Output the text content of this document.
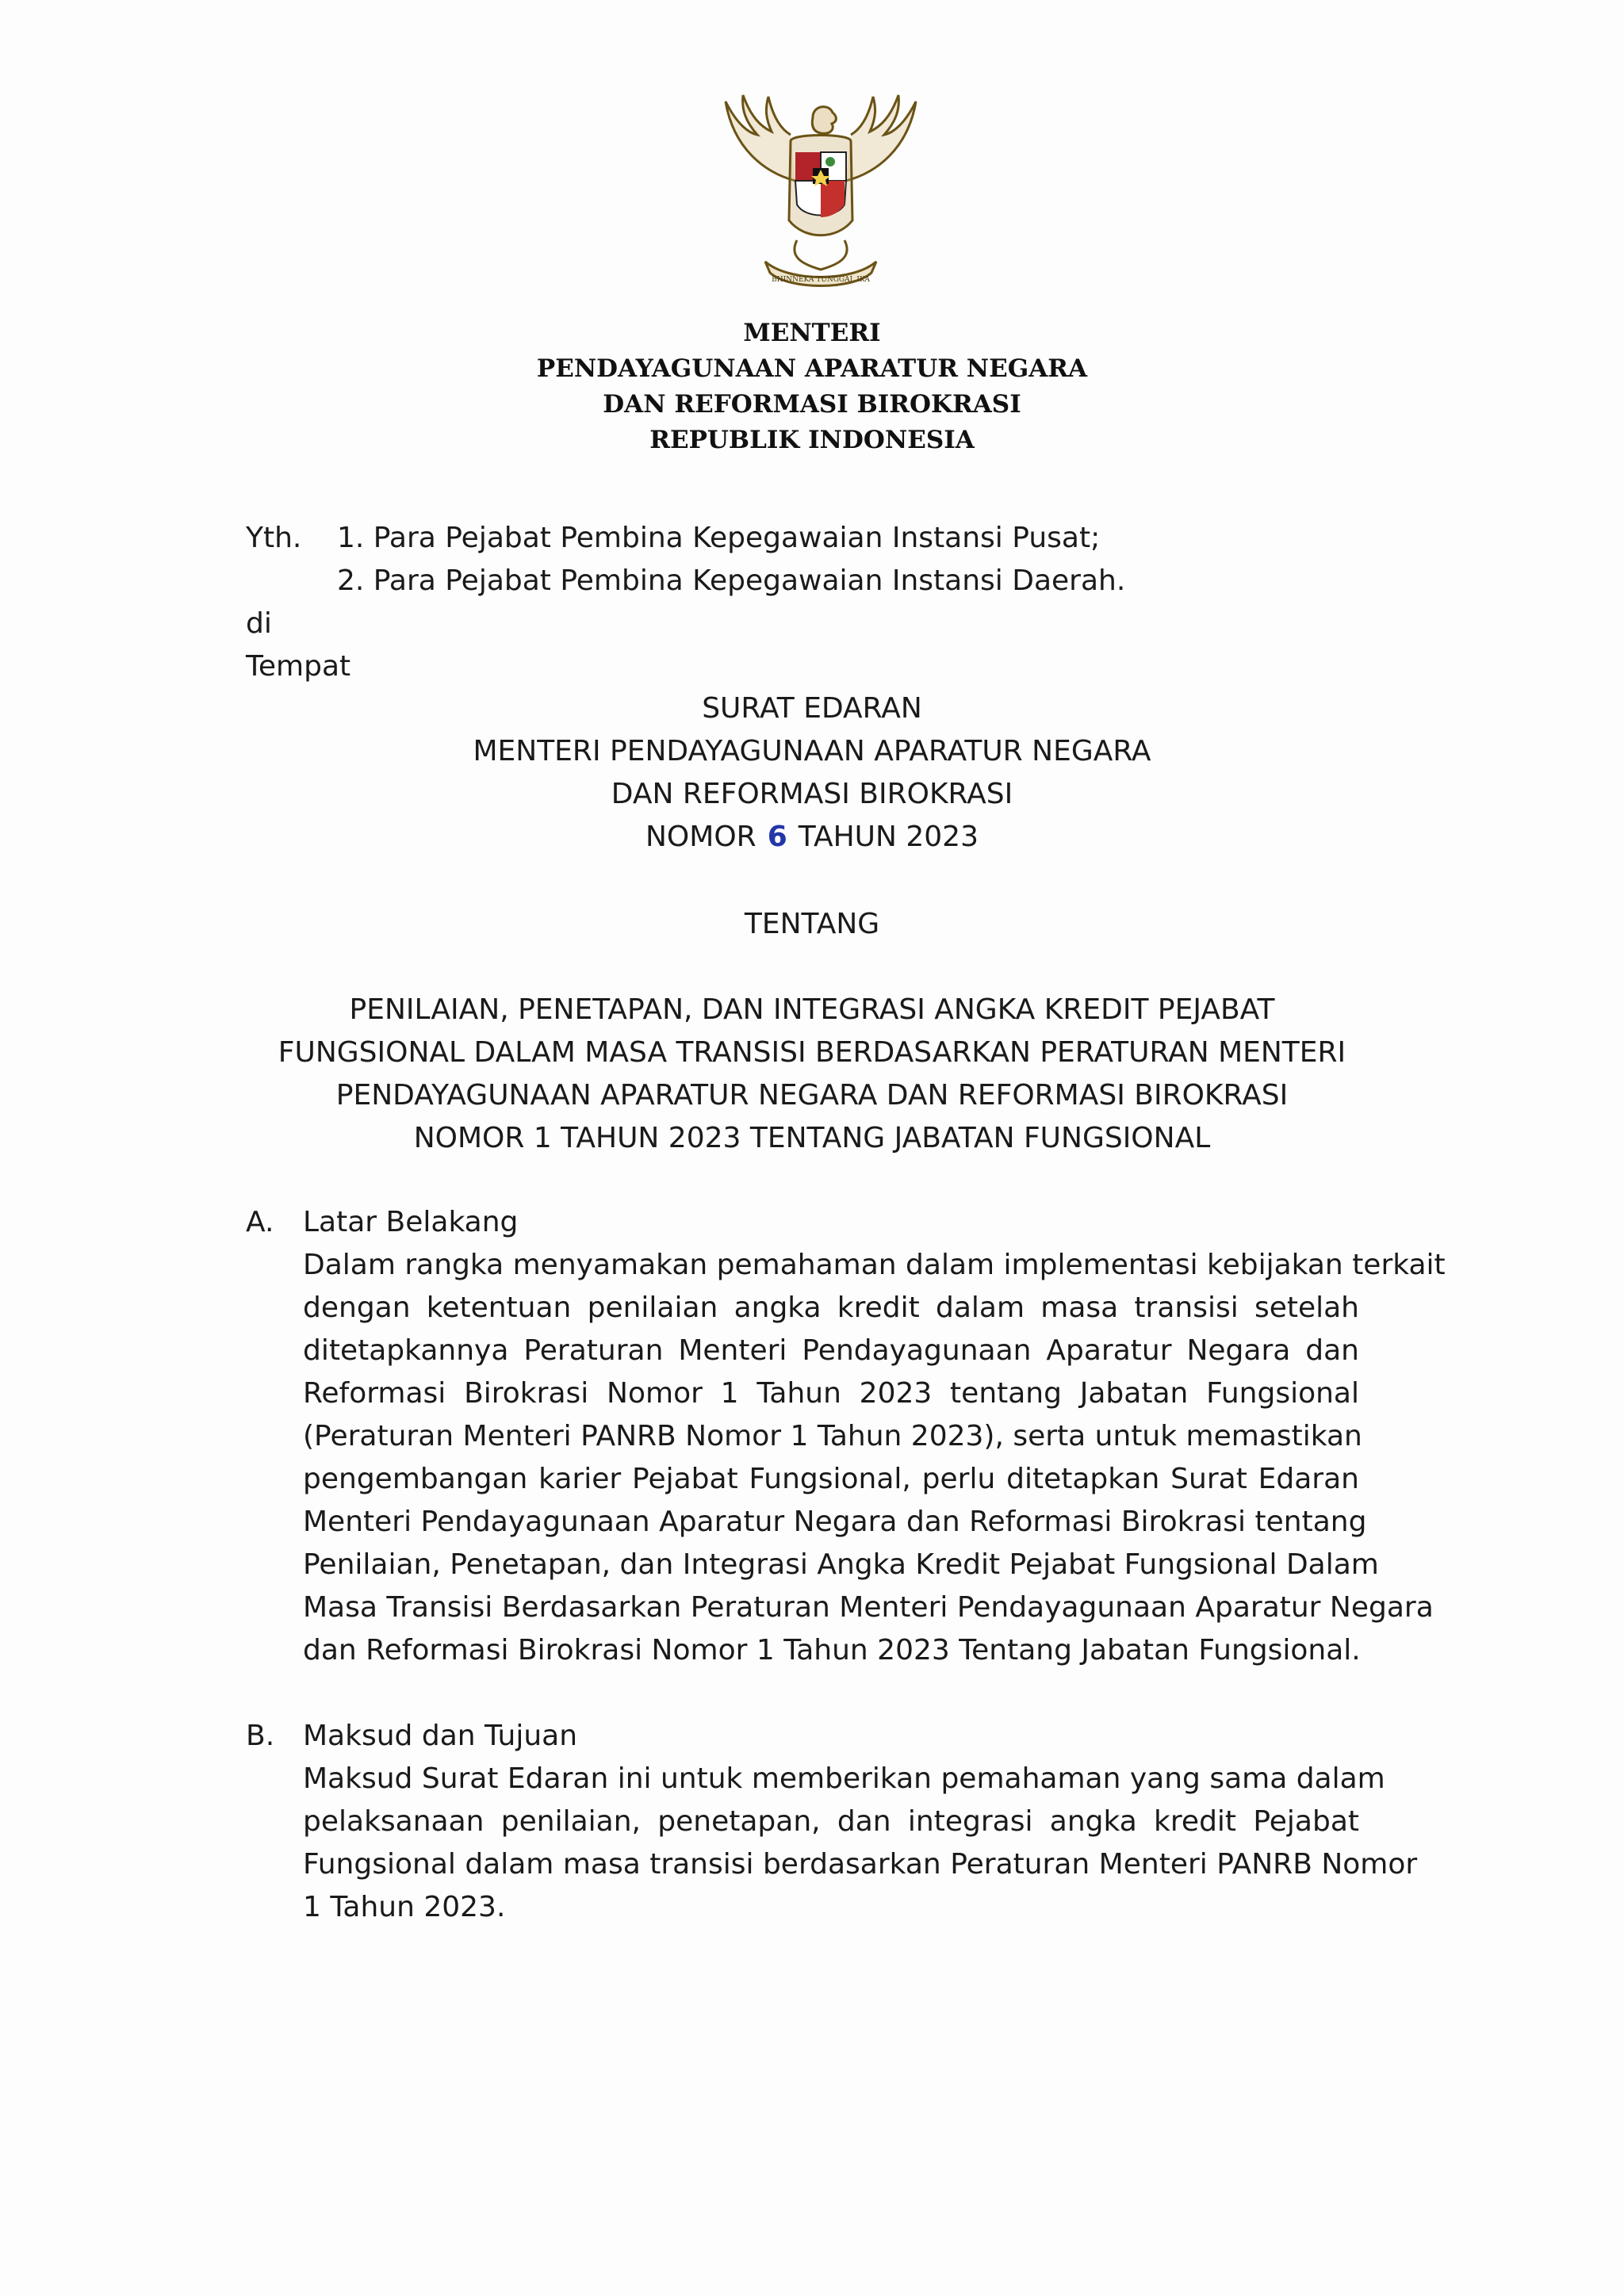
BHINNEKA TUNGGAL IKA
MENTERI
PENDAYAGUNAAN APARATUR NEGARA
DAN REFORMASI BIROKRASI
REPUBLIK INDONESIA
Yth.	1. Para Pejabat Pembina Kepegawaian Instansi Pusat;
2. Para Pejabat Pembina Kepegawaian Instansi Daerah.
di
Tempat
SURAT EDARAN
MENTERI PENDAYAGUNAAN APARATUR NEGARA
DAN REFORMASI BIROKRASI
NOMOR 6 TAHUN 2023
TENTANG
PENILAIAN, PENETAPAN, DAN INTEGRASI ANGKA KREDIT PEJABAT
FUNGSIONAL DALAM MASA TRANSISI BERDASARKAN PERATURAN MENTERI
PENDAYAGUNAAN APARATUR NEGARA DAN REFORMASI BIROKRASI
NOMOR 1 TAHUN 2023 TENTANG JABATAN FUNGSIONAL
A.	Latar Belakang
Dalam rangka menyamakan pemahaman dalam implementasi kebijakan terkait
dengan ketentuan penilaian angka kredit dalam masa transisi setelah
ditetapkannya Peraturan Menteri Pendayagunaan Aparatur Negara dan
Reformasi Birokrasi Nomor 1 Tahun 2023 tentang Jabatan Fungsional
(Peraturan Menteri PANRB Nomor 1 Tahun 2023), serta untuk memastikan
pengembangan karier Pejabat Fungsional, perlu ditetapkan Surat Edaran
Menteri Pendayagunaan Aparatur Negara dan Reformasi Birokrasi tentang
Penilaian, Penetapan, dan Integrasi Angka Kredit Pejabat Fungsional Dalam
Masa Transisi Berdasarkan Peraturan Menteri Pendayagunaan Aparatur Negara
dan Reformasi Birokrasi Nomor 1 Tahun 2023 Tentang Jabatan Fungsional.
B. Maksud dan Tujuan
Maksud Surat Edaran ini untuk memberikan pemahaman yang sama dalam
pelaksanaan penilaian, penetapan, dan integrasi angka kredit Pejabat
Fungsional dalam masa transisi berdasarkan Peraturan Menteri PANRB Nomor
1 Tahun 2023.
